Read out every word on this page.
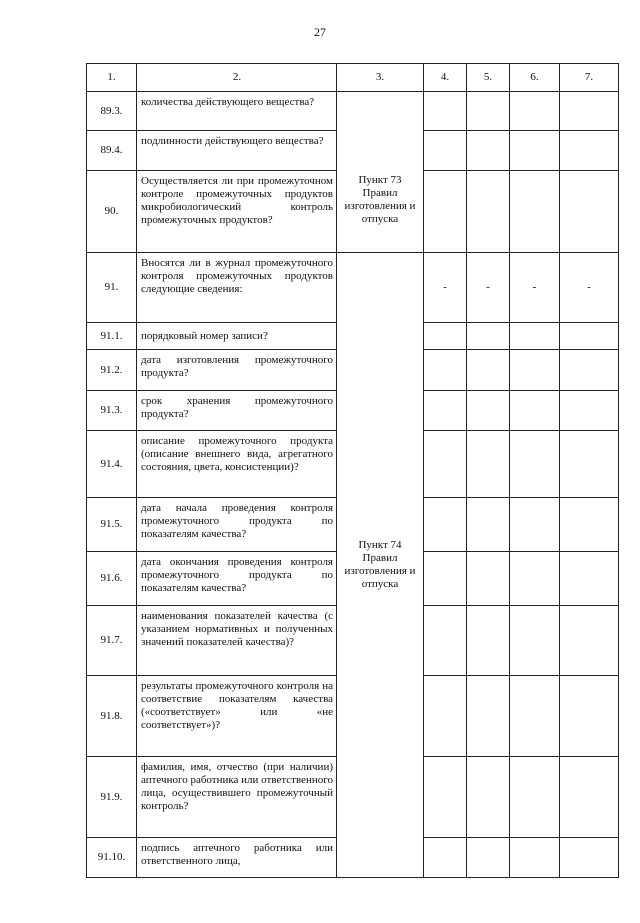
27
1.	2.	3.	4.	5.	6.	7.
89.3.	количества действующего вещества?	Пункт 73
Правил
изготовления и
отпуска				

89.4.	подлинности действующего вещества?					
90.	Осуществляется ли при промежуточном контроле промежуточных продуктов микробиологический контроль промежуточных продуктов?					
91.	Вносятся ли в журнал промежуточного контроля промежуточных продуктов следующие сведения:	Пункт 74
Правил
изготовления и
отпуска	-	-	-	-
91.1.	порядковый номер записи?					
91.2.	дата изготовления промежуточного продукта?					
91.3.	срок хранения промежуточного продукта?					
91.4.	описание промежуточного продукта (описание внешнего вида, агрегатного состояния, цвета, консистенции)?					
91.5.	дата начала проведения контроля промежуточного продукта по показателям качества?					
91.6.	дата окончания проведения контроля промежуточного продукта по показателям качества?					
91.7.	наименования показателей качества (с указанием нормативных и полученных значений показателей качества)?					
91.8.	результаты промежуточного контроля на соответствие показателям качества («соответствует» или «не соответствует»)?					
91.9.	фамилия, имя, отчество (при наличии) аптечного работника или ответственного лица, осуществившего промежуточный контроль?					
91.10.	подпись аптечного работника или ответственного лица,					
